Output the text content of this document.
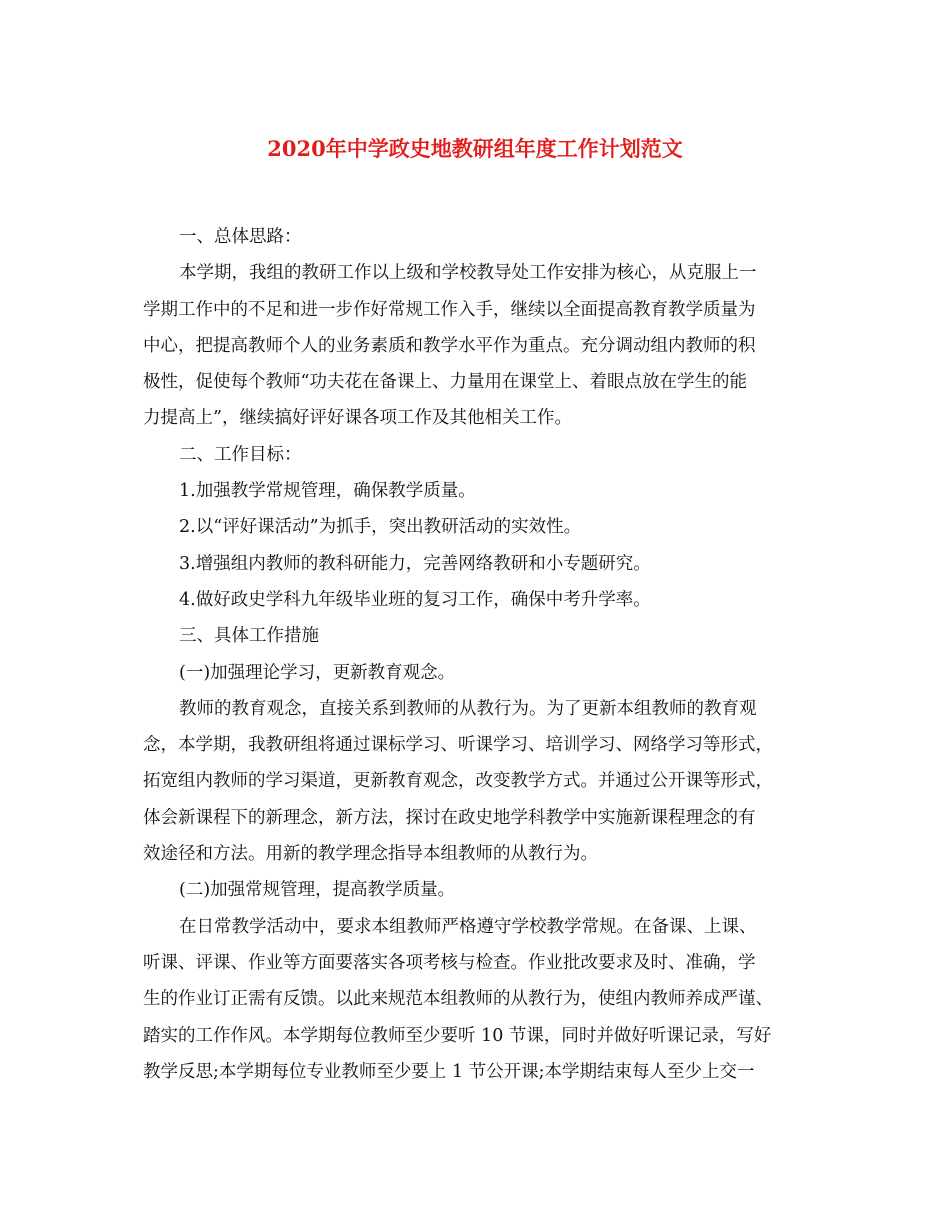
2020年中学政史地教研组年度工作计划范文
一、总体思路：
本学期，我组的教研工作以上级和学校教导处工作安排为核心，从克服上一
学期工作中的不足和进一步作好常规工作入手，继续以全面提高教育教学质量为
中心，把提高教师个人的业务素质和教学水平作为重点。充分调动组内教师的积
极性，促使每个教师“功夫花在备课上、力量用在课堂上、着眼点放在学生的能
力提高上”，继续搞好评好课各项工作及其他相关工作。
二、工作目标：
1.加强教学常规管理，确保教学质量。
2.以“评好课活动”为抓手，突出教研活动的实效性。
3.增强组内教师的教科研能力，完善网络教研和小专题研究。
4.做好政史学科九年级毕业班的复习工作，确保中考升学率。
三、具体工作措施
(一)加强理论学习，更新教育观念。
教师的教育观念，直接关系到教师的从教行为。为了更新本组教师的教育观
念，本学期，我教研组将通过课标学习、听课学习、培训学习、网络学习等形式，
拓宽组内教师的学习渠道，更新教育观念，改变教学方式。并通过公开课等形式，
体会新课程下的新理念，新方法，探讨在政史地学科教学中实施新课程理念的有
效途径和方法。用新的教学理念指导本组教师的从教行为。
(二)加强常规管理，提高教学质量。
在日常教学活动中，要求本组教师严格遵守学校教学常规。在备课、上课、
听课、评课、作业等方面要落实各项考核与检查。作业批改要求及时、准确，学
生的作业订正需有反馈。以此来规范本组教师的从教行为，使组内教师养成严谨、
踏实的工作作风。本学期每位教师至少要听 10 节课，同时并做好听课记录，写好
教学反思;本学期每位专业教师至少要上 1 节公开课;本学期结束每人至少上交一
